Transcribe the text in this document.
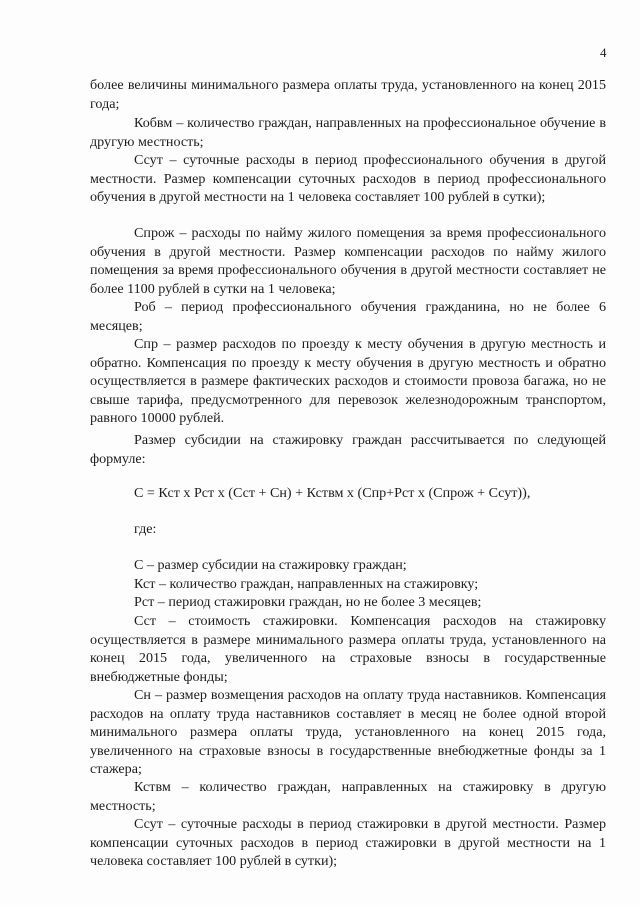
4

более величины минимального размера оплаты труда, установленного на конец 2015 года;

Кобвм – количество граждан, направленных на профессиональное обучение в другую местность;

Ссут – суточные расходы в период профессионального обучения в другой местности. Размер компенсации суточных расходов в период профессионального обучения в другой местности на 1 человека составляет 100 рублей в сутки);

Спрож – расходы по найму жилого помещения за время профессионального обучения в другой местности. Размер компенсации расходов по найму жилого помещения за время профессионального обучения в другой местности составляет не более 1100 рублей в сутки на 1 человека;

Роб – период профессионального обучения гражданина, но не более 6 месяцев;

Спр – размер расходов по проезду к месту обучения в другую местность и обратно. Компенсация по проезду к месту обучения в другую местность и обратно осуществляется в размере фактических расходов и стоимости провоза багажа, но не свыше тарифа, предусмотренного для перевозок железнодорожным транспортом, равного 10000 рублей.

Размер субсидии на стажировку граждан рассчитывается по следующей формуле:

С = Кст х Рст х (Сст + Сн) + Кствм х (Спр+Рст х (Спрож + Ссут)),
где:

С – размер субсидии на стажировку граждан;

Кст – количество граждан, направленных на стажировку;

Рст – период стажировки граждан, но не более 3 месяцев;

Сст – стоимость стажировки. Компенсация расходов на стажировку осуществляется в размере минимального размера оплаты труда, установленного на конец 2015 года, увеличенного на страховые взносы в государственные внебюджетные фонды;

Сн – размер возмещения расходов на оплату труда наставников. Компенсация расходов на оплату труда наставников составляет в месяц не более одной второй минимального размера оплаты труда, установленного на конец 2015 года, увеличенного на страховые взносы в государственные внебюджетные фонды за 1 стажера;

Кствм – количество граждан, направленных на стажировку в другую местность;

Ссут – суточные расходы в период стажировки в другой местности. Размер компенсации суточных расходов в период стажировки в другой местности на 1 человека составляет 100 рублей в сутки);
